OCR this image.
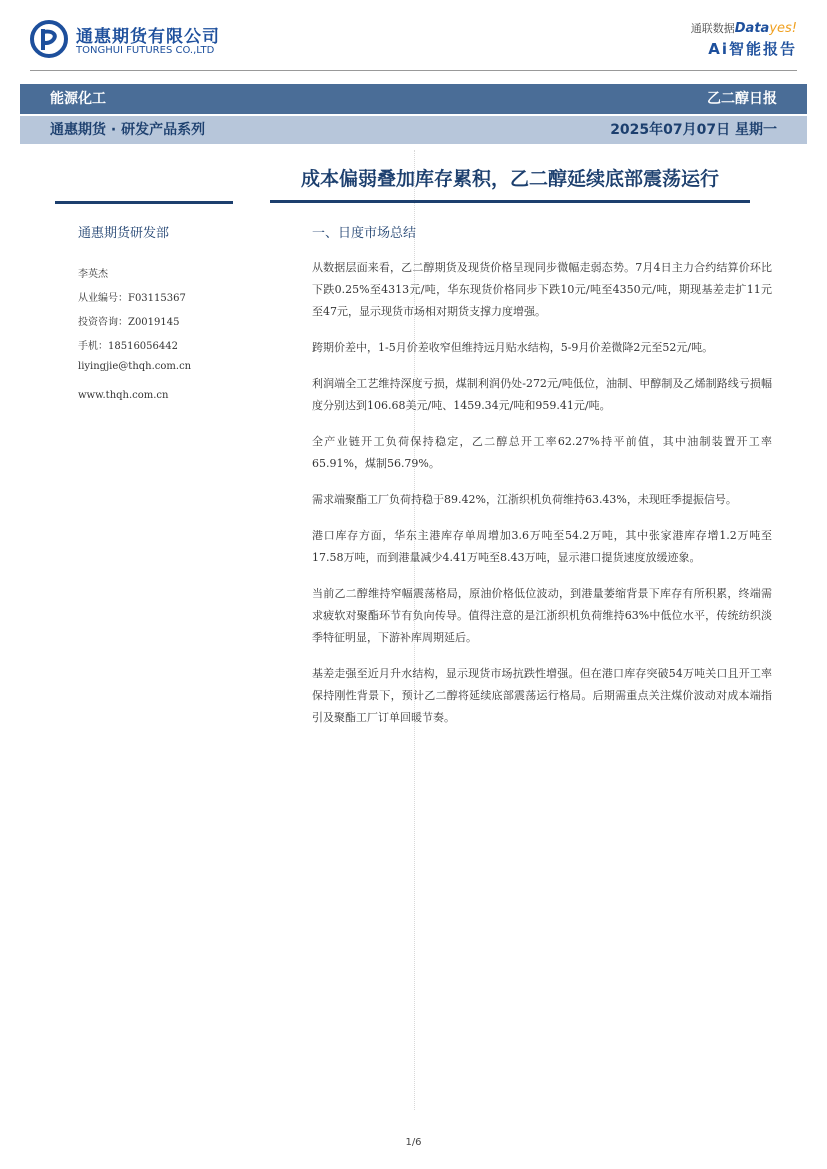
通惠期货有限公司
TONGHUI FUTURES CO.,LTD
通联数据Datayes!
Ai智能报告
能源化工	乙二醇日报
通惠期货 · 研发产品系列	2025年07月07日 星期一
成本偏弱叠加库存累积，乙二醇延续底部震荡运行
通惠期货研发部
李英杰
从业编号：F03115367
投资咨询：Z0019145
手机：18516056442
liyingjie@thqh.com.cn
www.thqh.com.cn
一、日度市场总结

从数据层面来看，乙二醇期货及现货价格呈现同步微幅走弱态势。7月4日主力合约结算价环比下跌0.25%至4313元/吨，华东现货价格同步下跌10元/吨至4350元/吨，期现基差走扩11元至47元，显示现货市场相对期货支撑力度增强。

跨期价差中，1-5月价差收窄但维持远月贴水结构，5-9月价差微降2元至52元/吨。

利润端全工艺维持深度亏损，煤制利润仍处-272元/吨低位，油制、甲醇制及乙烯制路线亏损幅度分别达到106.68美元/吨、1459.34元/吨和959.41元/吨。

全产业链开工负荷保持稳定，乙二醇总开工率62.27%持平前值，其中油制装置开工率65.91%，煤制56.79%。

需求端聚酯工厂负荷持稳于89.42%，江浙织机负荷维持63.43%，未现旺季提振信号。

港口库存方面，华东主港库存单周增加3.6万吨至54.2万吨，其中张家港库存增1.2万吨至17.58万吨，而到港量减少4.41万吨至8.43万吨，显示港口提货速度放缓迹象。

当前乙二醇维持窄幅震荡格局，原油价格低位波动，到港量萎缩背景下库存有所积累，终端需求疲软对聚酯环节有负向传导。值得注意的是江浙织机负荷维持63%中低位水平，传统纺织淡季特征明显，下游补库周期延后。

基差走强至近月升水结构，显示现货市场抗跌性增强。但在港口库存突破54万吨关口且开工率保持刚性背景下，预计乙二醇将延续底部震荡运行格局。后期需重点关注煤价波动对成本端指引及聚酯工厂订单回暖节奏。

1/6
